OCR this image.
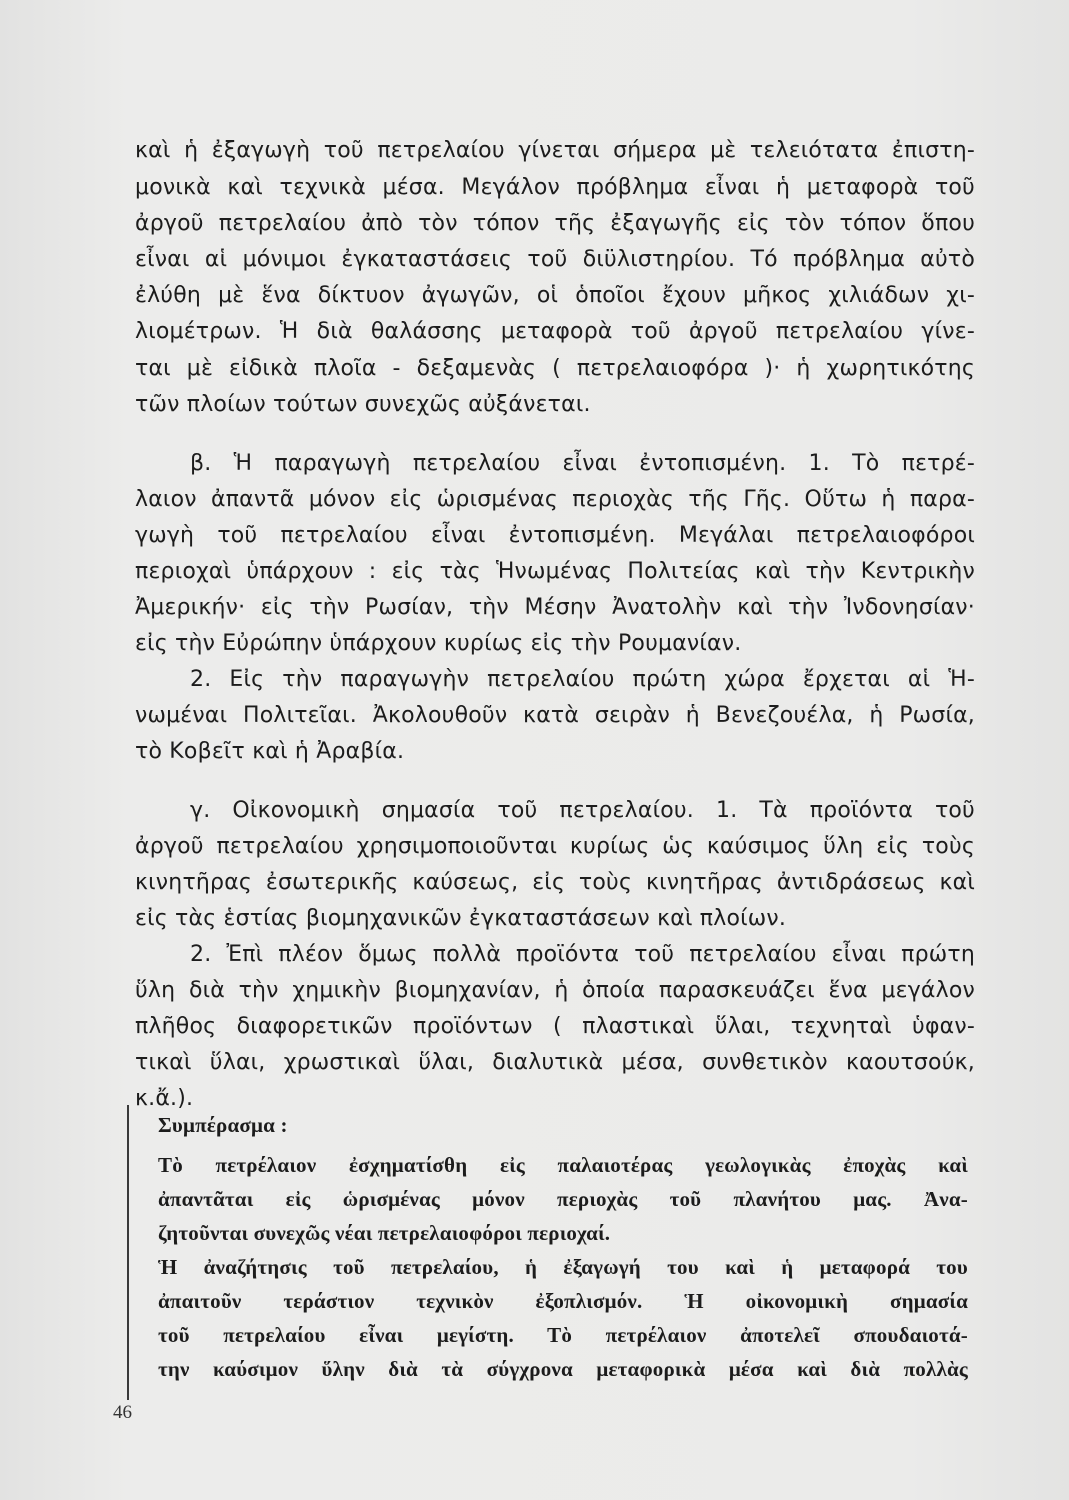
καὶ ἡ ἐξαγωγὴ τοῦ πετρελαίου γίνεται σήμερα μὲ τελειότατα ἐπιστη-
μονικὰ καὶ τεχνικὰ μέσα. Μεγάλον πρόβλημα εἶναι ἡ μεταφορὰ τοῦ
ἀργοῦ πετρελαίου ἀπὸ τὸν τόπον τῆς ἐξαγωγῆς εἰς τὸν τόπον ὅπου
εἶναι αἱ μόνιμοι ἐγκαταστάσεις τοῦ διϋλιστηρίου. Τό πρόβλημα αὐτὸ
ἐλύθη μὲ ἕνα δίκτυον ἀγωγῶν, οἱ ὁποῖοι ἔχουν μῆκος χιλιάδων χι-
λιομέτρων. Ἡ διὰ θαλάσσης μεταφορὰ τοῦ ἀργοῦ πετρελαίου γίνε-
ται μὲ εἰδικὰ πλοῖα - δεξαμενὰς ( πετρελαιοφόρα )· ἡ χωρητικότης
τῶν πλοίων τούτων συνεχῶς αὐξάνεται.
β. Ἡ παραγωγὴ πετρελαίου εἶναι ἐντοπισμένη. 1. Τὸ πετρέ-
λαιον ἀπαντᾶ μόνον εἰς ὡρισμένας περιοχὰς τῆς Γῆς. Οὕτω ἡ παρα-
γωγὴ τοῦ πετρελαίου εἶναι ἐντοπισμένη. Μεγάλαι πετρελαιοφόροι
περιοχαὶ ὑπάρχουν : εἰς τὰς Ἡνωμένας Πολιτείας καὶ τὴν Κεντρικὴν
Ἀμερικήν· εἰς τὴν Ρωσίαν, τὴν Μέσην Ἀνατολὴν καὶ τὴν Ἰνδονησίαν·
εἰς τὴν Εὐρώπην ὑπάρχουν κυρίως εἰς τὴν Ρουμανίαν.
2. Εἰς τὴν παραγωγὴν πετρελαίου πρώτη χώρα ἔρχεται αἱ Ἡ-
νωμέναι Πολιτεῖαι. Ἀκολουθοῦν κατὰ σειρὰν ἡ Βενεζουέλα, ἡ Ρωσία,
τὸ Κοβεῖτ καὶ ἡ Ἀραβία.
γ. Οἰκονομικὴ σημασία τοῦ πετρελαίου. 1. Τὰ προϊόντα τοῦ
ἀργοῦ πετρελαίου χρησιμοποιοῦνται κυρίως ὡς καύσιμος ὕλη εἰς τοὺς
κινητῆρας ἐσωτερικῆς καύσεως, εἰς τοὺς κινητῆρας ἀντιδράσεως καὶ
εἰς τὰς ἑστίας βιομηχανικῶν ἐγκαταστάσεων καὶ πλοίων.
2. Ἐπὶ πλέον ὅμως πολλὰ προϊόντα τοῦ πετρελαίου εἶναι πρώτη
ὕλη διὰ τὴν χημικὴν βιομηχανίαν, ἡ ὁποία παρασκευάζει ἕνα μεγάλον
πλῆθος διαφορετικῶν προϊόντων ( πλαστικαὶ ὕλαι, τεχνηταὶ ὑφαν-
τικαὶ ὕλαι, χρωστικαὶ ὕλαι, διαλυτικὰ μέσα, συνθετικὸν καουτσούκ,
κ.ἄ.).
Συμπέρασμα :
Τὸ πετρέλαιον ἐσχηματίσθη εἰς παλαιοτέρας γεωλογικὰς ἐποχὰς καὶ
ἀπαντᾶται εἰς ὡρισμένας μόνον περιοχὰς τοῦ πλανήτου μας. Ἀνα-
ζητοῦνται συνεχῶς νέαι πετρελαιοφόροι περιοχαί.
Ἡ ἀναζήτησις τοῦ πετρελαίου, ἡ ἐξαγωγή του καὶ ἡ μεταφορά του
ἀπαιτοῦν τεράστιον τεχνικὸν ἐξοπλισμόν. Ἡ οἰκονομικὴ σημασία
τοῦ πετρελαίου εἶναι μεγίστη. Τὸ πετρέλαιον ἀποτελεῖ σπουδαιοτά-
την καύσιμον ὕλην διὰ τὰ σύγχρονα μεταφορικὰ μέσα καὶ διὰ πολλὰς
46
